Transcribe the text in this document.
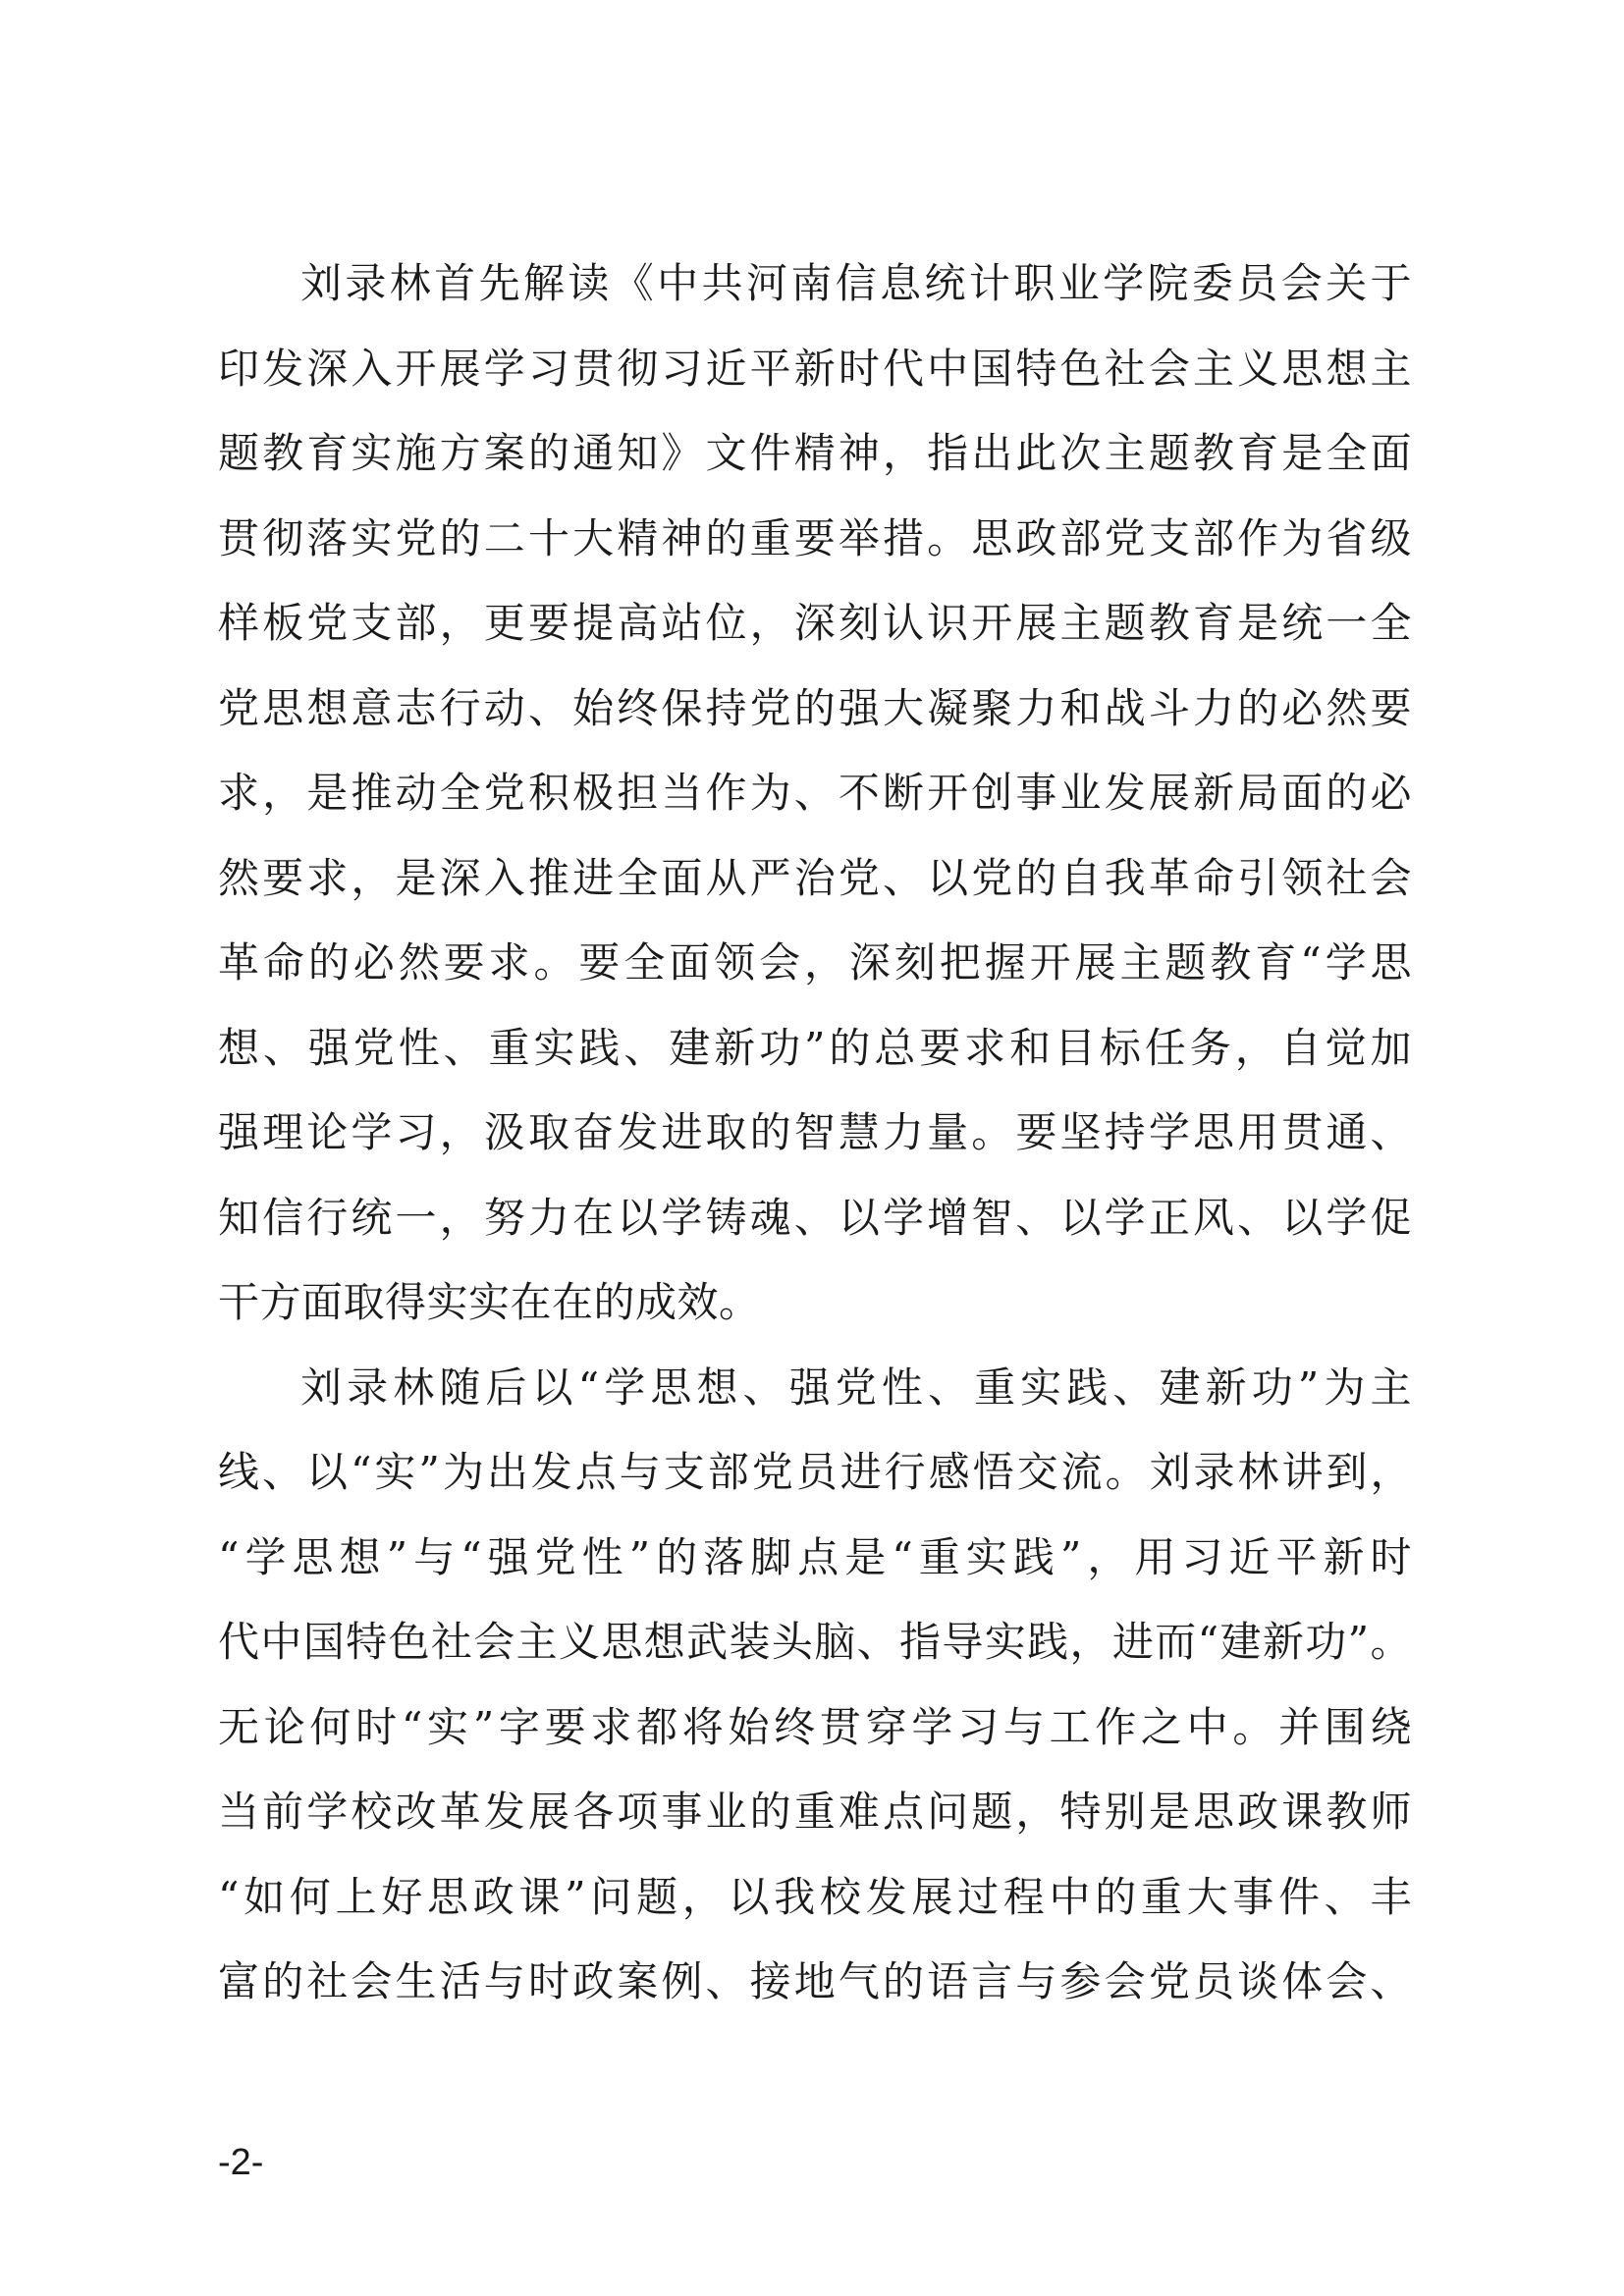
刘录林首先解读《中共河南信息统计职业学院委员会关于
印发深入开展学习贯彻习近平新时代中国特色社会主义思想主
题教育实施方案的通知》文件精神，指出此次主题教育是全面
贯彻落实党的二十大精神的重要举措。思政部党支部作为省级
样板党支部，更要提高站位，深刻认识开展主题教育是统一全
党思想意志行动、始终保持党的强大凝聚力和战斗力的必然要
求，是推动全党积极担当作为、不断开创事业发展新局面的必
然要求，是深入推进全面从严治党、以党的自我革命引领社会
革命的必然要求。要全面领会，深刻把握开展主题教育“学思
想、强党性、重实践、建新功”的总要求和目标任务，自觉加
强理论学习，汲取奋发进取的智慧力量。要坚持学思用贯通、
知信行统一，努力在以学铸魂、以学增智、以学正风、以学促
干方面取得实实在在的成效。
刘录林随后以“学思想、强党性、重实践、建新功”为主
线、以“实”为出发点与支部党员进行感悟交流。刘录林讲到，
“学思想”与“强党性”的落脚点是“重实践”，用习近平新时
代中国特色社会主义思想武装头脑、指导实践，进而“建新功”。
无论何时“实”字要求都将始终贯穿学习与工作之中。并围绕
当前学校改革发展各项事业的重难点问题，特别是思政课教师
“如何上好思政课”问题，以我校发展过程中的重大事件、丰
富的社会生活与时政案例、接地气的语言与参会党员谈体会、
-2-
